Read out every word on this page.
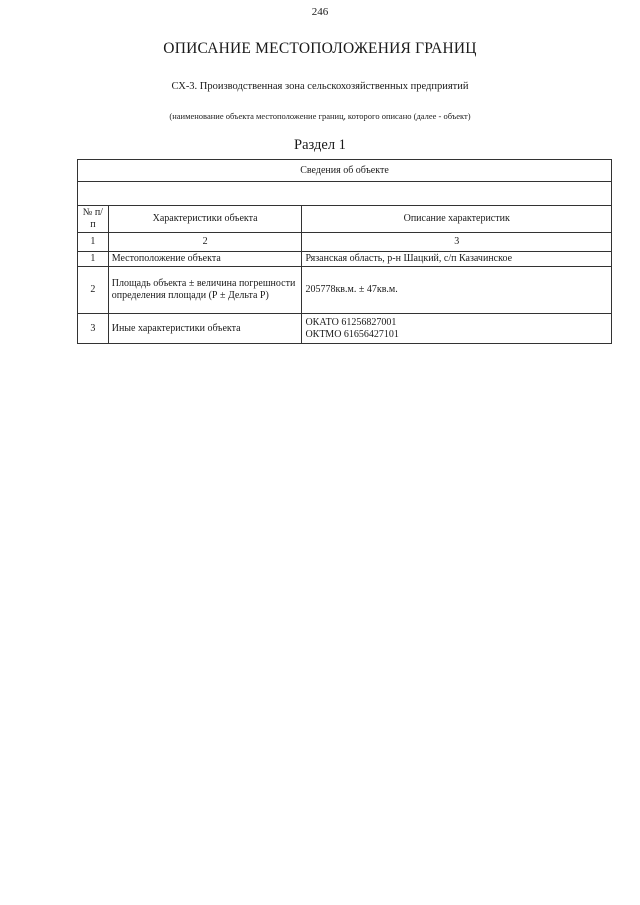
246
ОПИСАНИЕ МЕСТОПОЛОЖЕНИЯ ГРАНИЦ
СХ-3. Производственная зона сельскохозяйственных предприятий
(наименование объекта местоположение границ, которого описано (далее - объект)
Раздел 1
Сведения об объекте		

№ п/п	Характеристики объекта	Описание характеристик
1	2	3
1	Местоположение объекта	Рязанская область, р-н Шацкий, с/п Казачинское

2	Площадь объекта ± величина погрешности определения площади (Р ± Дельта Р)	205778кв.м. ± 47кв.м.

3	Иные характеристики объекта	ОКАТО 61256827001
ОКТМО 61656427101
